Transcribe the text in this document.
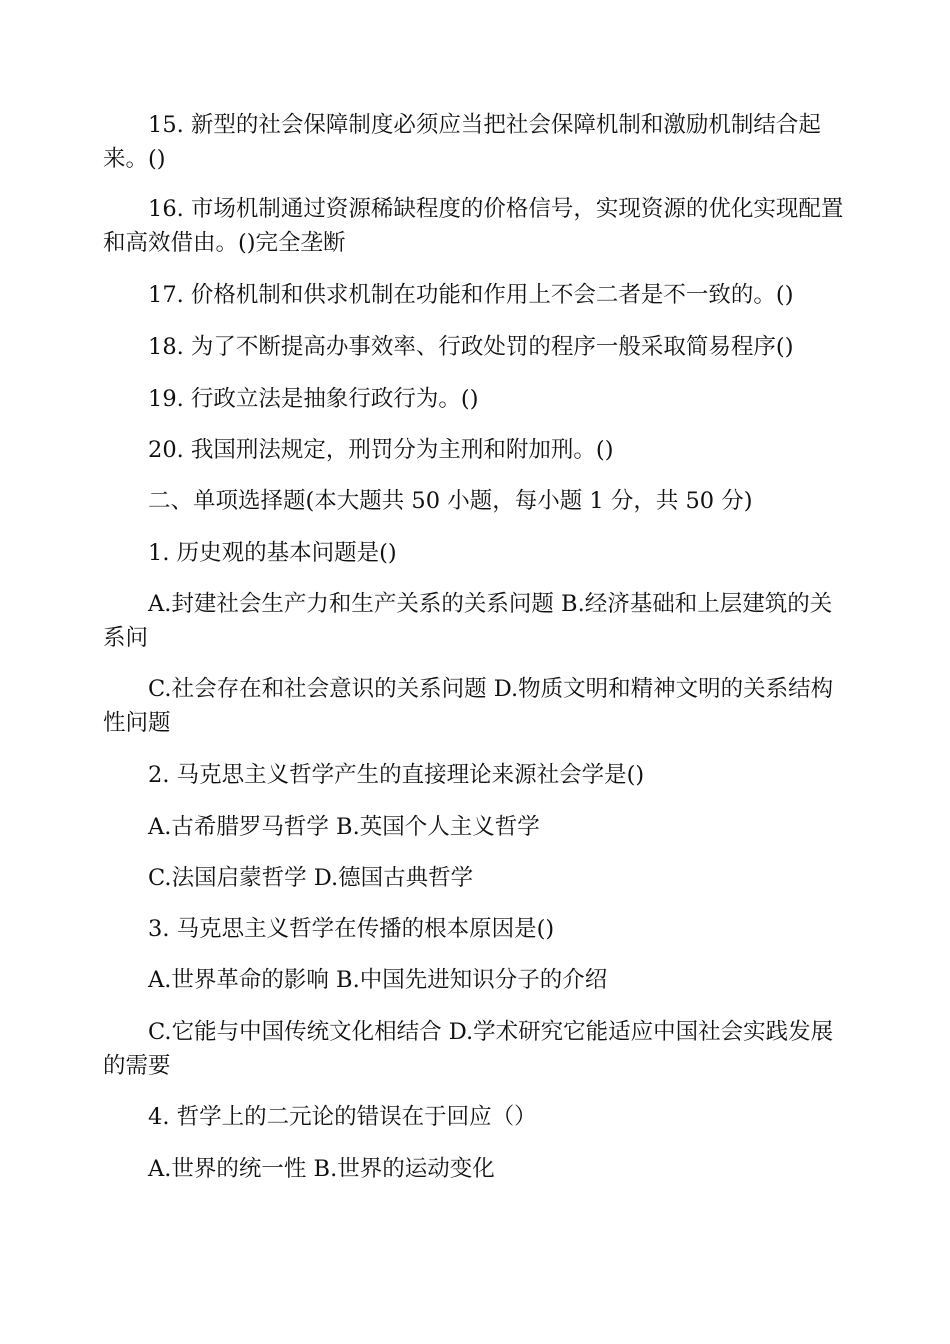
15. 新型的社会保障制度必须应当把社会保障机制和激励机制结合起来。()

16. 市场机制通过资源稀缺程度的价格信号，实现资源的优化实现配置和高效借由。()完全垄断

17. 价格机制和供求机制在功能和作用上不会二者是不一致的。()

18. 为了不断提高办事效率、行政处罚的程序一般采取简易程序()

19. 行政立法是抽象行政行为。()

20. 我国刑法规定，刑罚分为主刑和附加刑。()

二、单项选择题(本大题共 50 小题，每小题 1 分，共 50 分)

1. 历史观的基本问题是()

A.封建社会生产力和生产关系的关系问题 B.经济基础和上层建筑的关系问

C.社会存在和社会意识的关系问题 D.物质文明和精神文明的关系结构性问题

2. 马克思主义哲学产生的直接理论来源社会学是()

A.古希腊罗马哲学 B.英国个人主义哲学

C.法国启蒙哲学 D.德国古典哲学

3. 马克思主义哲学在传播的根本原因是()

A.世界革命的影响 B.中国先进知识分子的介绍

C.它能与中国传统文化相结合 D.学术研究它能适应中国社会实践发展的需要

4. 哲学上的二元论的错误在于回应（）

A.世界的统一性 B.世界的运动变化
